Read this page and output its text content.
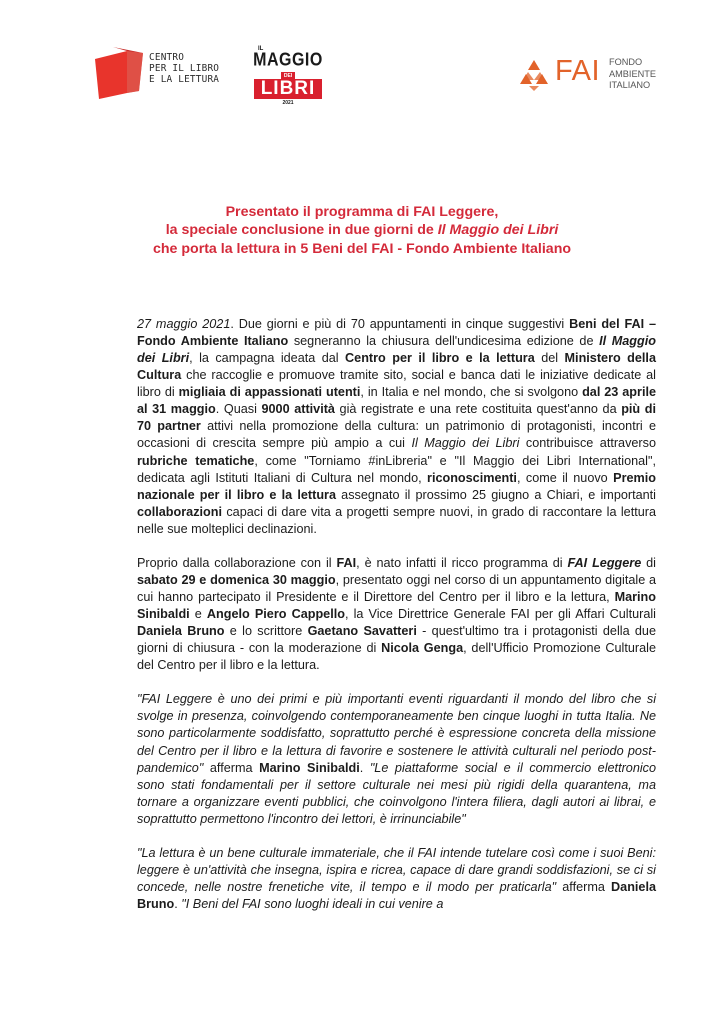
CENTRO
PER IL LIBRO
E LA LETTURA
IL
MAGGIO
DEI
LIBRI
2021
FAI FONDO
AMBIENTE
ITALIANO
Presentato il programma di FAI Leggere,
la speciale conclusione in due giorni de Il Maggio dei Libri
che porta la lettura in 5 Beni del FAI - Fondo Ambiente Italiano

27 maggio 2021. Due giorni e più di 70 appuntamenti in cinque suggestivi Beni del FAI – Fondo Ambiente Italiano segneranno la chiusura dell'undicesima edizione de Il Maggio dei Libri, la campagna ideata dal Centro per il libro e la lettura del Ministero della Cultura che raccoglie e promuove tramite sito, social e banca dati le iniziative dedicate al libro di migliaia di appassionati utenti, in Italia e nel mondo, che si svolgono dal 23 aprile al 31 maggio. Quasi 9000 attività già registrate e una rete costituita quest'anno da più di 70 partner attivi nella promozione della cultura: un patrimonio di protagonisti, incontri e occasioni di crescita sempre più ampio a cui Il Maggio dei Libri contribuisce attraverso rubriche tematiche, come "Torniamo #inLibreria" e "Il Maggio dei Libri International", dedicata agli Istituti Italiani di Cultura nel mondo, riconoscimenti, come il nuovo Premio nazionale per il libro e la lettura assegnato il prossimo 25 giugno a Chiari, e importanti collaborazioni capaci di dare vita a progetti sempre nuovi, in grado di raccontare la lettura nelle sue molteplici declinazioni.

Proprio dalla collaborazione con il FAI, è nato infatti il ricco programma di FAI Leggere di sabato 29 e domenica 30 maggio, presentato oggi nel corso di un appuntamento digitale a cui hanno partecipato il Presidente e il Direttore del Centro per il libro e la lettura, Marino Sinibaldi e Angelo Piero Cappello, la Vice Direttrice Generale FAI per gli Affari Culturali Daniela Bruno e lo scrittore Gaetano Savatteri - quest'ultimo tra i protagonisti della due giorni di chiusura - con la moderazione di Nicola Genga, dell'Ufficio Promozione Culturale del Centro per il libro e la lettura.

"FAI Leggere è uno dei primi e più importanti eventi riguardanti il mondo del libro che si svolge in presenza, coinvolgendo contemporaneamente ben cinque luoghi in tutta Italia. Ne sono particolarmente soddisfatto, soprattutto perché è espressione concreta della missione del Centro per il libro e la lettura di favorire e sostenere le attività culturali nel periodo post-pandemico" afferma Marino Sinibaldi. "Le piattaforme social e il commercio elettronico sono stati fondamentali per il settore culturale nei mesi più rigidi della quarantena, ma tornare a organizzare eventi pubblici, che coinvolgono l'intera filiera, dagli autori ai librai, e soprattutto permettono l'incontro dei lettori, è irrinunciabile"

"La lettura è un bene culturale immateriale, che il FAI intende tutelare così come i suoi Beni: leggere è un'attività che insegna, ispira e ricrea, capace di dare grandi soddisfazioni, se ci si concede, nelle nostre frenetiche vite, il tempo e il modo per praticarla" afferma Daniela Bruno. "I Beni del FAI sono luoghi ideali in cui venire a
